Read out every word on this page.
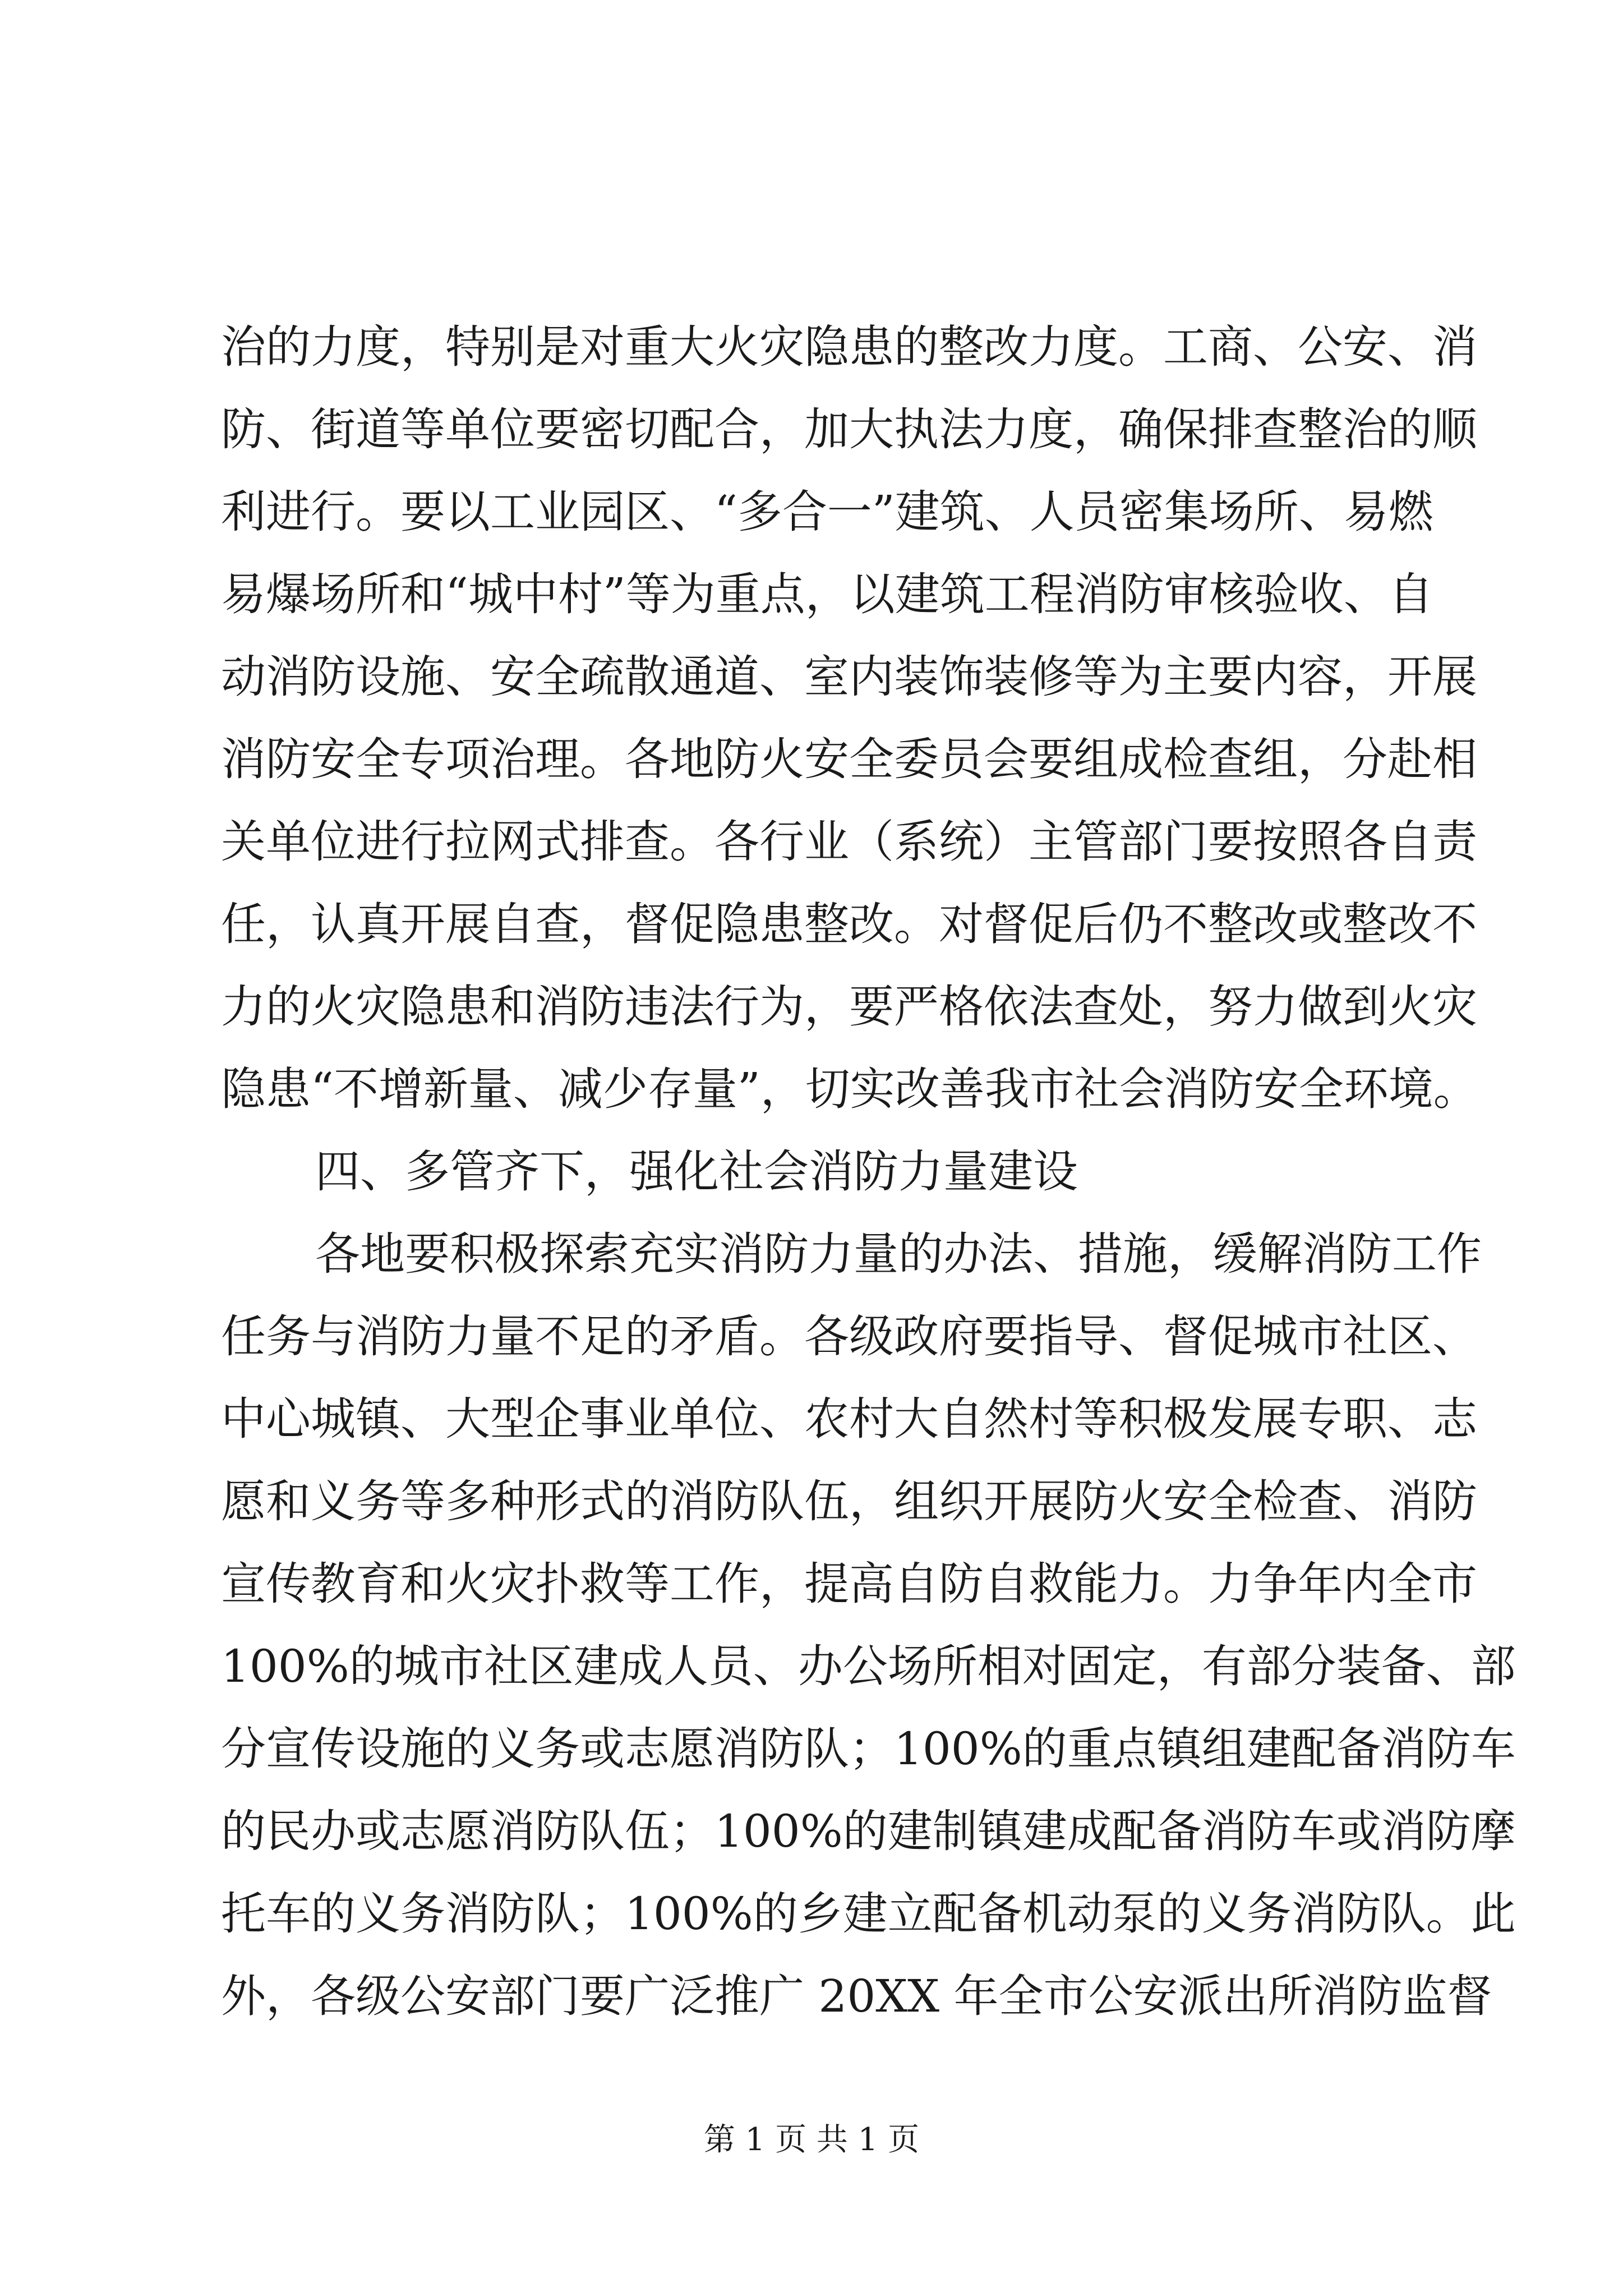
治的力度，特别是对重大火灾隐患的整改力度。工商、公安、消
防、街道等单位要密切配合，加大执法力度，确保排查整治的顺
利进行。要以工业园区、“多合一”建筑、人员密集场所、易燃
易爆场所和“城中村”等为重点，以建筑工程消防审核验收、自
动消防设施、安全疏散通道、室内装饰装修等为主要内容，开展
消防安全专项治理。各地防火安全委员会要组成检查组，分赴相
关单位进行拉网式排查。各行业（系统）主管部门要按照各自责
任，认真开展自查，督促隐患整改。对督促后仍不整改或整改不
力的火灾隐患和消防违法行为，要严格依法查处，努力做到火灾
隐患“不增新量、减少存量”，切实改善我市社会消防安全环境。
四、多管齐下，强化社会消防力量建设
各地要积极探索充实消防力量的办法、措施，缓解消防工作
任务与消防力量不足的矛盾。各级政府要指导、督促城市社区、
中心城镇、大型企事业单位、农村大自然村等积极发展专职、志
愿和义务等多种形式的消防队伍，组织开展防火安全检查、消防
宣传教育和火灾扑救等工作，提高自防自救能力。力争年内全市
100%的城市社区建成人员、办公场所相对固定，有部分装备、部
分宣传设施的义务或志愿消防队；100%的重点镇组建配备消防车
的民办或志愿消防队伍；100%的建制镇建成配备消防车或消防摩
托车的义务消防队；100%的乡建立配备机动泵的义务消防队。此
外，各级公安部门要广泛推广 20XX 年全市公安派出所消防监督
第 1 页 共 1 页
